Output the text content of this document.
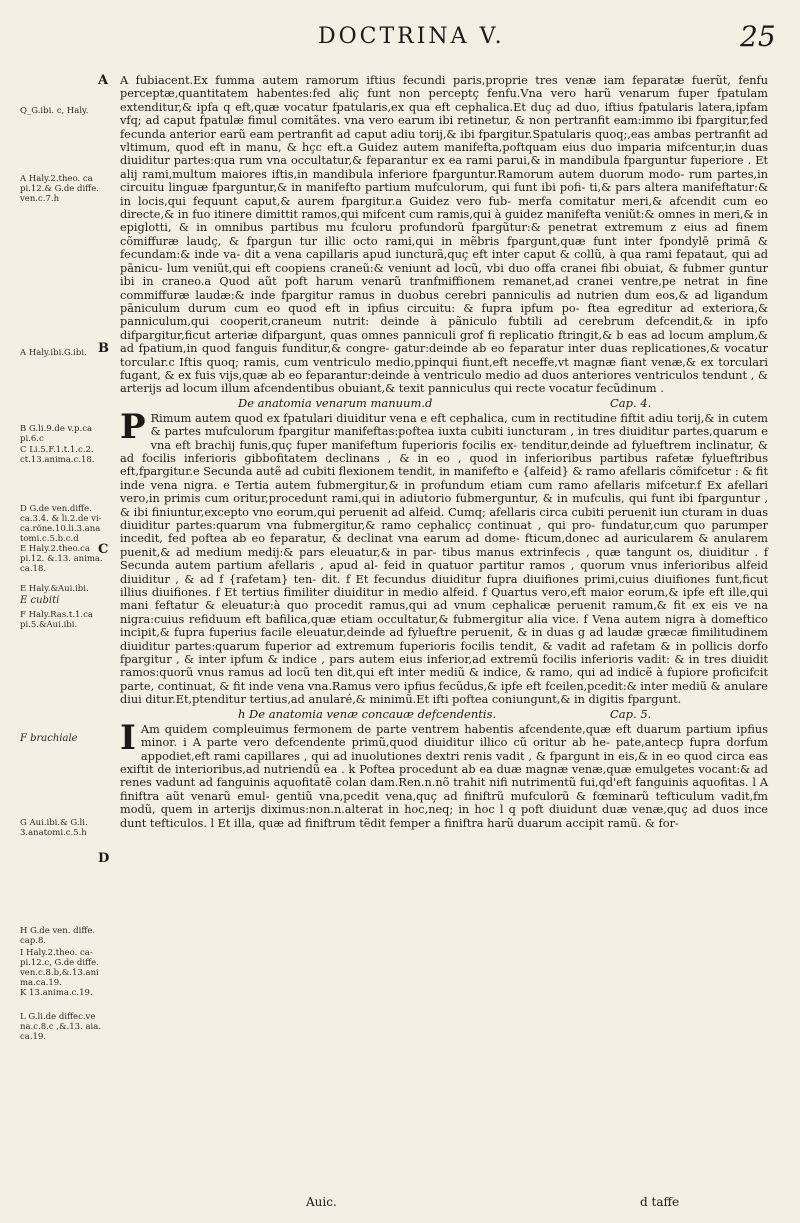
DOCTRINA V.	25
Q_G.ibi. c, Haly.
A Haly.2.theo. ca pi.12.& G.de diffe. ven.c.7.h
A Haly.ibi.G.ibi.
B G.li.9.de v.p.ca pi.6.c
C Li.5.F.1.t.1.c.2. ct.13.anima.c.18.
D G.de ven.diffe. ca.3.4. & li.2.de vi- ca.rõne.10.li.3.ana tomi.c.5.b.c.d
E Haly.2.theo.ca pi.12. &.13. anima. ca.18.
E Haly.&Aui.ibi.
E cubiti
F Haly.Ras.t.1.ca pi.5.&Aui.ibi.
F brachiale
G Aui.ibi.& G.li. 3.anatomi.c.5.h
H G.de ven. diffe. cap.8.
I Haly.2.theo. ca- pi.12.c, G.de diffe. ven.c.8.b,&.13.ani ma.ca.19.
K 13.anima.c.19.
L G.li.de diffec.ve na.c.8.c ,&.13. aia. ca.19.
A
B
C
D

A fubiacent.Ex fumma autem ramorum iftius fecundi paris,proprie tres venæ iam feparatæ fuerũt, fenfu perceptæ,quantitatem habentes:fed aliç funt non perceptç fenfu.Vna vero harũ venarum fuper fpatulam extenditur,& ipfa q eft,quæ vocatur fpatularis,ex qua eft cephalica.Et duç ad duo, iftius fpatularis latera,ipfam vfq; ad caput fpatulæ fimul comitãtes. vna vero earum ibi retinetur, & non pertranfit eam:immo ibi fpargitur,fed fecunda anterior earũ eam pertranfit ad caput adiu torij,& ibi fpargitur.Spatularis quoq;,eas ambas pertranfit ad vltimum, quod eft in manu, & hçc eft.a Guidez autem manifefta,poftquam eius duo imparia mifcentur,in duas diuiditur partes:qua rum vna occultatur,& feparantur ex ea rami parui,& in mandibula fparguntur fuperiore . Et alij rami,multum maiores iftis,in mandibula inferiore fparguntur.Ramorum autem duorum modo- rum partes,in circuitu linguæ fparguntur,& in manifefto partium mufculorum, qui funt ibi pofi- ti,& pars altera manifeftatur:& in locis,qui fequunt caput,& aurem fpargitur.a Guidez vero fub- merfa comitatur meri,& afcendit cum eo directe,& in fuo itinere dimittit ramos,qui mifcent cum ramis,qui à guidez manifefta veniũt:& omnes in meri,& in epiglotti, & in omnibus partibus mu fculoru profundorũ fpargũtur:& penetrat extremum z eius ad finem cõmiffuræ laudç, & fpargun tur illic octo rami,qui in mẽbris fpargunt,quæ funt inter fpondylē primā & fecundam:& inde va- dit a vena capillaris apud iuncturã,quç eft inter caput & collũ, à qua rami fepataut, qui ad pãnicu- lum veniũt,qui eft coopiens craneũ:& veniunt ad locũ, vbi duo offa cranei fibi obuiat, & fubmer guntur ibi in craneo.a Quod aũt poft harum venarũ tranfmiffionem remanet,ad cranei ventre,pe netrat in fine commiffuræ laudæ:& inde fpargitur ramus in duobus cerebri panniculis ad nutrien dum eos,& ad ligandum pãniculum durum cum eo quod eft in ipfius circuitu: & fupra ipfum po- ftea egreditur ad exteriora,& panniculum,qui cooperit,craneum nutrit: deinde à pãniculo fubtili ad cerebrum defcendit,& in ipfo difpargitur,ficut arteriæ difpargunt, quas omnes panniculi grof fi replicatio ftringit,& b eas ad locum amplum,& ad fpatium,in quod fanguis funditur,& congre- gatur:deinde ab eo feparatur inter duas replicationes,& vocatur torcular.c Iftis quoq; ramis, cum ventriculo medio,ppinqui fiunt,eft neceffe,vt magnæ fiant venæ,& ex torculari fugant, & ex fuis vijs,quæ ab eo feparantur:deinde à ventriculo medio ad duos anteriores ventriculos tendunt , & arterijs ad locum illum afcendentibus obuiant,& texit panniculus qui recte vocatur fecũdinum .

De anatomia venarum manuum.d	Cap. 4.
P Rimum autem quod ex fpatulari diuiditur vena e eft cephalica, cum in rectitudine fiftit adiu torij,& in cutem & partes mufculorum fpargitur manifeftas:poftea iuxta cubiti iuncturam , in tres diuiditur partes,quarum e vna eft brachij funis,quç fuper manifeftum fuperioris focilis ex- tenditur,deinde ad fylueftrem inclinatur, & ad focilis inferioris gibbofitatem declinans , & in eo , quod in inferioribus partibus rafetæ fylueftribus eft,fpargitur.e Secunda autẽ ad cubiti flexionem tendit, in manifefto e {alfeid} & ramo afellaris cõmifcetur : & fit inde vena nigra. e Tertia autem fubmergitur,& in profundum etiam cum ramo afellaris mifcetur.f Ex afellari vero,in primis cum oritur,procedunt rami,qui in adiutorio fubmerguntur, & in mufculis, qui funt ibi fparguntur , & ibi finiuntur,excepto vno eorum,qui peruenit ad alfeid. Cumq; afellaris circa cubiti peruenit iun cturam in duas diuiditur partes:quarum vna fubmergitur,& ramo cephalicç continuat , qui pro- fundatur,cum quo parumper incedit, fed poftea ab eo feparatur, & declinat vna earum ad dome- fticum,donec ad auricularem & anularem puenit,& ad medium medij:& pars eleuatur,& in par- tibus manus extrinfecis , quæ tangunt os, diuiditur . f Secunda autem partium afellaris , apud al- feid in quatuor partitur ramos , quorum vnus inferioribus alfeid diuiditur , & ad f {rafetam} ten- dit. f Et fecundus diuiditur fupra diuifiones primi,cuius diuifiones funt,ficut illius diuifiones. f Et tertius fimiliter diuiditur in medio alfeid. f Quartus vero,eft maior eorum,& ipfe eft ille,qui mani feftatur & eleuatur:à quo procedit ramus,qui ad vnum cephalicæ peruenit ramum,& fit ex eis ve na nigra:cuius refiduum eft bafilica,quæ etiam occultatur,& fubmergitur alia vice. f Vena autem nigra à domeftico incipit,& fupra fuperius facile eleuatur,deinde ad fylueftre peruenit, & in duas g ad laudæ græcæ fimilitudinem diuiditur partes:quarum fuperior ad extremum fuperioris focilis tendit, & vadit ad rafetam & in pollicis dorfo fpargitur , & inter ipfum & indice , pars autem eius inferior,ad extremũ focilis inferioris vadit: & in tres diuidit ramos:quorũ vnus ramus ad locũ ten dit,qui eft inter mediũ & indice, & ramo, qui ad indicẽ à fupiore proficifcit parte, continuat, & fit inde vena vna.Ramus vero ipfius fecũdus,& ipfe eft fceilen,pcedit:& inter mediũ & anulare diui ditur.Et,ptenditur tertius,ad anularé,& minimũ.Et ifti poftea coniungunt,& in digitis fpargunt.
h De anatomia venæ concauæ defcendentis.	Cap. 5.
I Am quidem compleuimus fermonem de parte ventrem habentis afcendente,quæ eft duarum partium ipfius minor. i A parte vero defcendente primũ,quod diuiditur illico cũ oritur ab he- pate,antecp fupra dorfum appodiet,eft rami capillares , qui ad inuolutiones dextri renis vadit , & fpargunt in eis,& in eo quod circa eas exiftit de interioribus,ad nutriendũ ea . k Poftea procedunt ab ea duæ magnæ venæ,quæ emulgetes vocant:& ad renes vadunt ad fanguinis aquofitatẽ colan dam.Ren.n.nõ trahit nifi nutrimentũ fui,qd'eft fanguinis aquofitas. l A finiftra aũt venarũ emul- gentiũ vna,pcedit vena,quç ad finiftrũ mufculorũ & fœminarũ tefticulum vadit,fm modũ, quem in arterijs diximus:non.n.alterat in hoc,neq; in hoc l q poft diuidunt duæ venæ,quç ad duos ince dunt tefticulos. l Et illa, quæ ad finiftrum tẽdit femper a finiftra harũ duarum accipit ramũ. & for-
Auic.	d taffe
